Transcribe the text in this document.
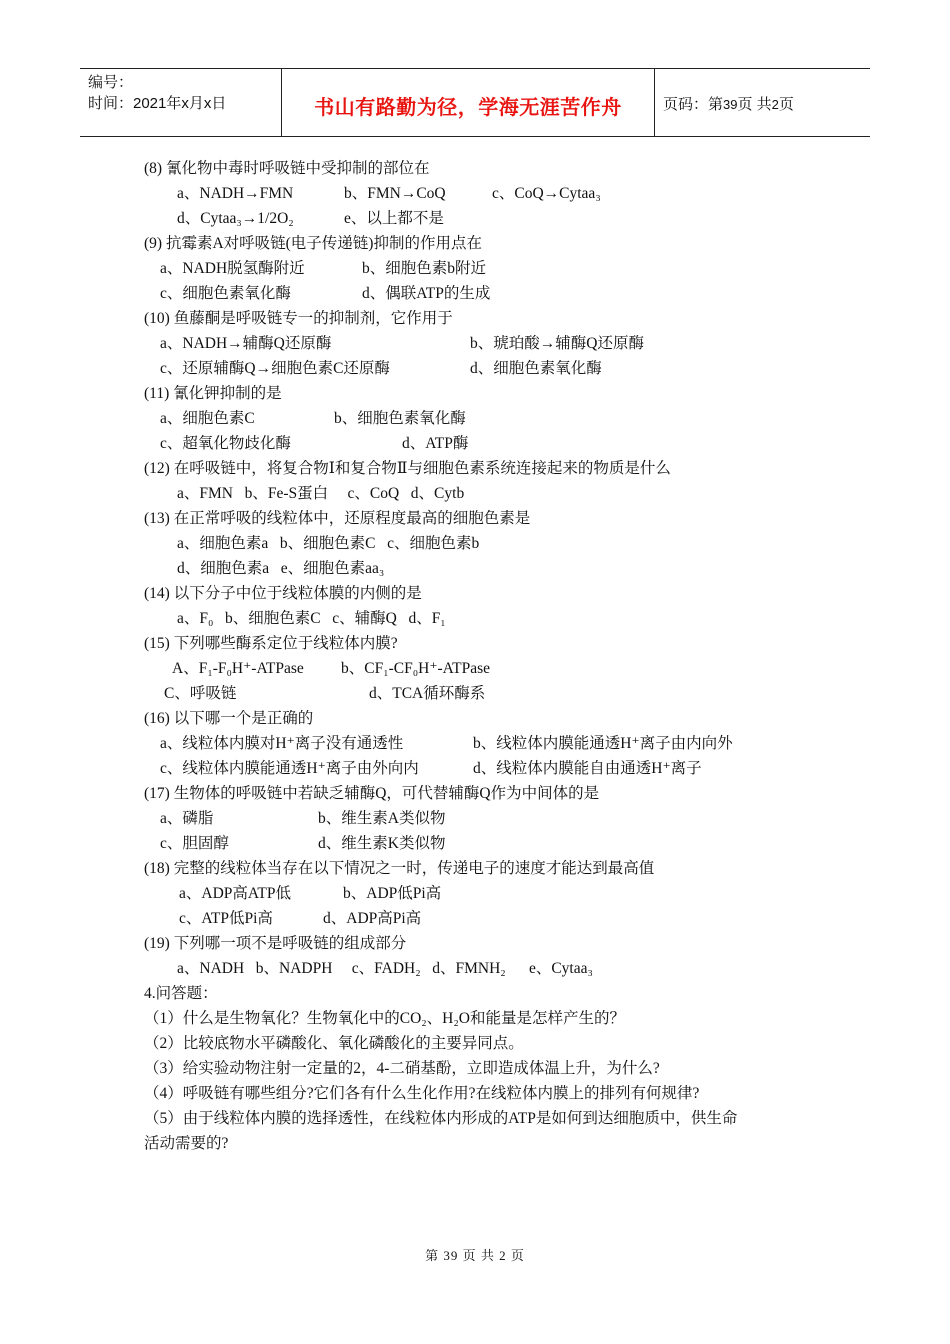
编号：
时间：2021年x月x日	书山有路勤为径，学海无涯苦作舟	页码：第39页 共2页
(8) 氰化物中毒时呼吸链中受抑制的部位在
a、NADH→FMN	b、FMN→CoQ	c、CoQ→Cytaa₃
d、Cytaa₃→1/2O₂	e、以上都不是
(9) 抗霉素A对呼吸链(电子传递链)抑制的作用点在
a、NADH脱氢酶附近	b、细胞色素b附近
c、细胞色素氧化酶	d、偶联ATP的生成
(10) 鱼藤酮是呼吸链专一的抑制剂，它作用于
a、NADH→辅酶Q还原酶	b、琥珀酸→辅酶Q还原酶
c、还原辅酶Q→细胞色素C还原酶	d、细胞色素氧化酶
(11) 氰化钾抑制的是
a、细胞色素C	b、细胞色素氧化酶
c、超氧化物歧化酶	d、ATP酶
(12) 在呼吸链中，将复合物Ⅰ和复合物Ⅱ与细胞色素系统连接起来的物质是什么
a、FMN   b、Fe-S蛋白     c、CoQ   d、Cytb
(13) 在正常呼吸的线粒体中，还原程度最高的细胞色素是
a、细胞色素a   b、细胞色素C   c、细胞色素b
d、细胞色素a   e、细胞色素aa₃
(14) 以下分子中位于线粒体膜的内侧的是
a、F₀   b、细胞色素C   c、辅酶Q   d、F₁
(15) 下列哪些酶系定位于线粒体内膜?
A、F₁-F₀H⁺-ATPase b、CF₁-CF₀H⁺-ATPase
C、呼吸链	d、TCA循环酶系
(16) 以下哪一个是正确的
a、线粒体内膜对H⁺离子没有通透性	b、线粒体内膜能通透H⁺离子由内向外
c、线粒体内膜能通透H⁺离子由外向内	d、线粒体内膜能自由通透H⁺离子
(17) 生物体的呼吸链中若缺乏辅酶Q，可代替辅酶Q作为中间体的是
a、磷脂	b、维生素A类似物
c、胆固醇	d、维生素K类似物
(18) 完整的线粒体当存在以下情况之一时，传递电子的速度才能达到最高值
a、ADP高ATP低	b、ADP低Pi高
c、ATP低Pi高	d、ADP高Pi高
(19) 下列哪一项不是呼吸链的组成部分
a、NADH   b、NADPH     c、FADH₂   d、FMNH₂      e、Cytaa₃
4.问答题：
（1）什么是生物氧化？生物氧化中的CO₂、H₂O和能量是怎样产生的？
（2）比较底物水平磷酸化、氧化磷酸化的主要异同点。
（3）给实验动物注射一定量的2，4-二硝基酚，立即造成体温上升，为什么?
（4）呼吸链有哪些组分?它们各有什么生化作用?在线粒体内膜上的排列有何规律?
（5）由于线粒体内膜的选择透性，在线粒体内形成的ATP是如何到达细胞质中，供生命
活动需要的?
第 39 页 共 2 页
